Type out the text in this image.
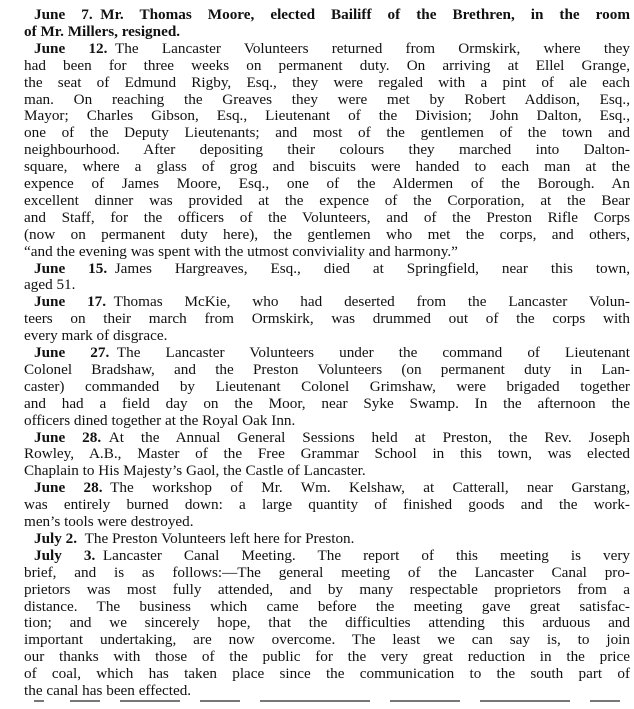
June 7.  Mr. Thomas Moore, elected Bailiff of the Brethren, in the room
of Mr. Millers, resigned.
June 12.  The Lancaster Volunteers returned from Ormskirk, where they
had been for three weeks on permanent duty. On arriving at Ellel Grange,
the seat of Edmund Rigby, Esq., they were regaled with a pint of ale each
man. On reaching the Greaves they were met by Robert Addison, Esq.,
Mayor; Charles Gibson, Esq., Lieutenant of the Division; John Dalton, Esq.,
one of the Deputy Lieutenants; and most of the gentlemen of the town and
neighbourhood. After depositing their colours they marched into Dalton-
square, where a glass of grog and biscuits were handed to each man at the
expence of James Moore, Esq., one of the Aldermen of the Borough. An
excellent dinner was provided at the expence of the Corporation, at the Bear
and Staff, for the officers of the Volunteers, and of the Preston Rifle Corps
(now on permanent duty here), the gentlemen who met the corps, and others,
“and the evening was spent with the utmost conviviality and harmony.”
June 15.  James Hargreaves, Esq., died at Springfield, near this town,
aged 51.
June 17.  Thomas McKie, who had deserted from the Lancaster Volun-
teers on their march from Ormskirk, was drummed out of the corps with
every mark of disgrace.
June 27.  The Lancaster Volunteers under the command of Lieutenant
Colonel Bradshaw, and the Preston Volunteers (on permanent duty in Lan-
caster) commanded by Lieutenant Colonel Grimshaw, were brigaded together
and had a field day on the Moor, near Syke Swamp. In the afternoon the
officers dined together at the Royal Oak Inn.
June 28.  At the Annual General Sessions held at Preston, the Rev. Joseph
Rowley, A.B., Master of the Free Grammar School in this town, was elected
Chaplain to His Majesty’s Gaol, the Castle of Lancaster.
June 28.  The workshop of Mr. Wm. Kelshaw, at Catterall, near Garstang,
was entirely burned down: a large quantity of finished goods and the work-
men’s tools were destroyed.
July 2.  The Preston Volunteers left here for Preston.
July 3.  Lancaster Canal Meeting. The report of this meeting is very
brief, and is as follows:—The general meeting of the Lancaster Canal pro-
prietors was most fully attended, and by many respectable proprietors from a
distance. The business which came before the meeting gave great satisfac-
tion; and we sincerely hope, that the difficulties attending this arduous and
important undertaking, are now overcome. The least we can say is, to join
our thanks with those of the public for the very great reduction in the price
of coal, which has taken place since the communication to the south part of
the canal has been effected.
